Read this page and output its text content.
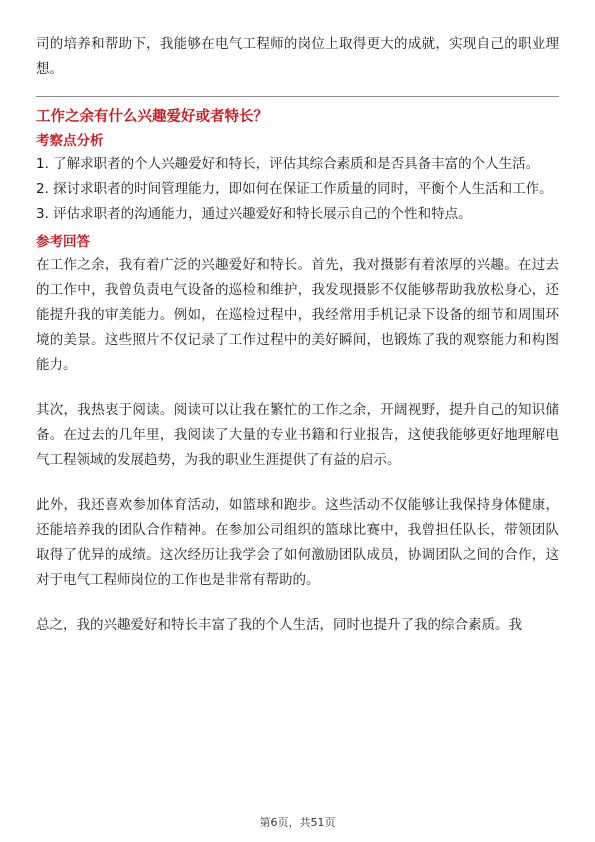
司的培养和帮助下，我能够在电气工程师的岗位上取得更大的成就，实现自己的职业理想。

工作之余有什么兴趣爱好或者特长？

考察点分析

1. 了解求职者的个人兴趣爱好和特长，评估其综合素质和是否具备丰富的个人生活。

2. 探讨求职者的时间管理能力，即如何在保证工作质量的同时，平衡个人生活和工作。

3. 评估求职者的沟通能力，通过兴趣爱好和特长展示自己的个性和特点。

参考回答

在工作之余，我有着广泛的兴趣爱好和特长。首先，我对摄影有着浓厚的兴趣。在过去的工作中，我曾负责电气设备的巡检和维护，我发现摄影不仅能够帮助我放松身心，还能提升我的审美能力。例如，在巡检过程中，我经常用手机记录下设备的细节和周围环境的美景。这些照片不仅记录了工作过程中的美好瞬间，也锻炼了我的观察能力和构图能力。

其次，我热衷于阅读。阅读可以让我在繁忙的工作之余，开阔视野，提升自己的知识储备。在过去的几年里，我阅读了大量的专业书籍和行业报告，这使我能够更好地理解电气工程领域的发展趋势，为我的职业生涯提供了有益的启示。

此外，我还喜欢参加体育活动，如篮球和跑步。这些活动不仅能够让我保持身体健康，还能培养我的团队合作精神。在参加公司组织的篮球比赛中，我曾担任队长，带领团队取得了优异的成绩。这次经历让我学会了如何激励团队成员，协调团队之间的合作，这对于电气工程师岗位的工作也是非常有帮助的。

总之，我的兴趣爱好和特长丰富了我的个人生活，同时也提升了我的综合素质。我

第6页，共51页
